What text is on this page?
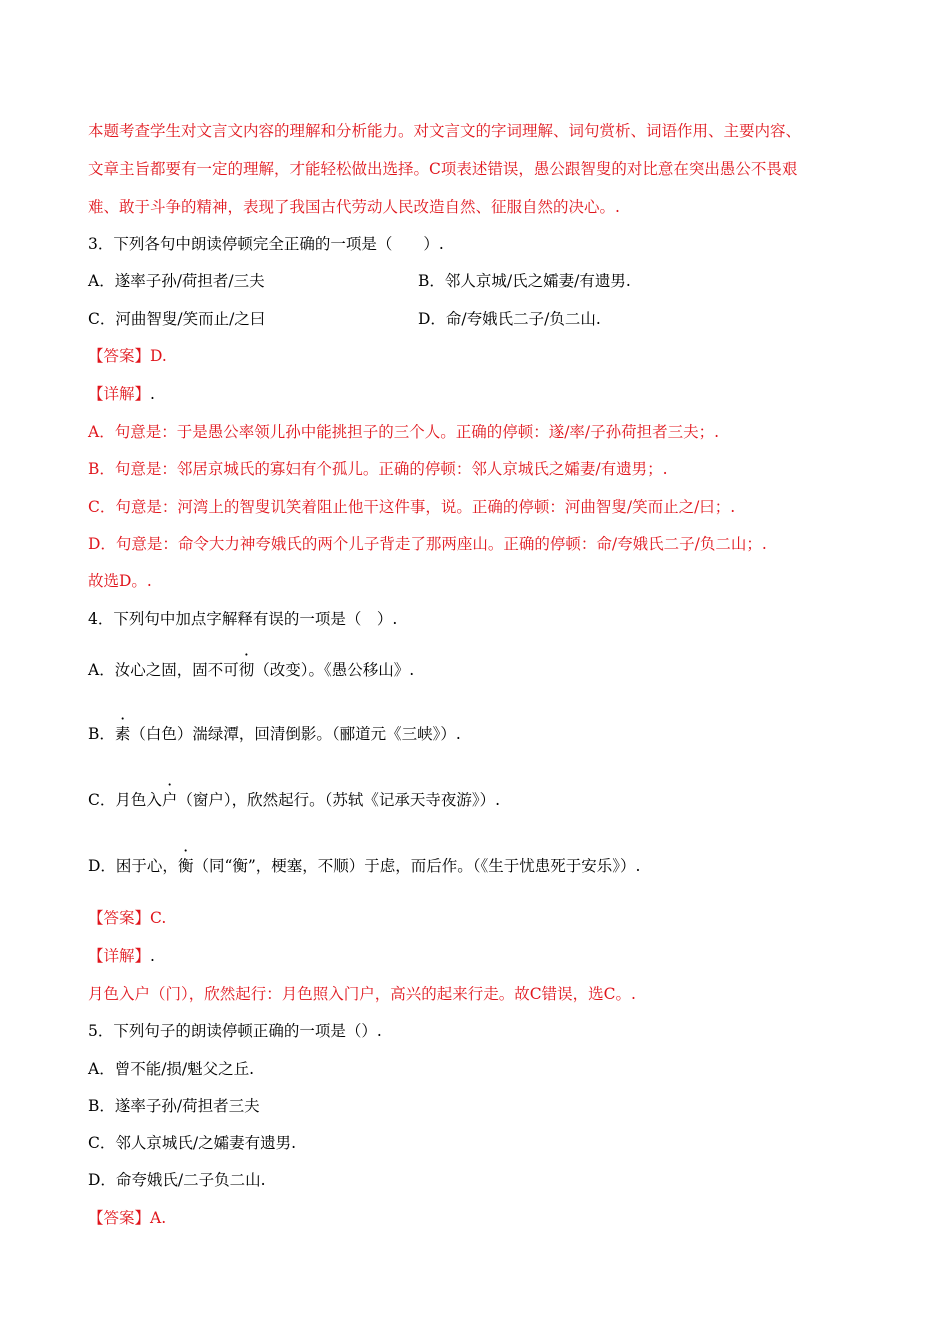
本题考查学生对文言文内容的理解和分析能力。对文言文的字词理解、词句赏析、词语作用、主要内容、
文章主旨都要有一定的理解，才能轻松做出选择。C项表述错误，愚公跟智叟的对比意在突出愚公不畏艰
难、敢于斗争的精神，表现了我国古代劳动人民改造自然、征服自然的决心。.
3．下列各句中朗读停顿完全正确的一项是（　　）.
A．遂率子孙/荷担者/三夫	B．邻人京城/氏之孀妻/有遗男.
C．河曲智叟/笑而止/之曰	D．命/夸娥氏二子/负二山.
【答案】D.
【详解】.
A．句意是：于是愚公率领儿孙中能挑担子的三个人。正确的停顿：遂/率/子孙荷担者三夫；.
B．句意是：邻居京城氏的寡妇有个孤儿。正确的停顿：邻人京城氏之孀妻/有遗男；.
C．句意是：河湾上的智叟讥笑着阻止他干这件事，说。正确的停顿：河曲智叟/笑而止之/曰；.
D．句意是：命令大力神夸娥氏的两个儿子背走了那两座山。正确的停顿：命/夸娥氏二子/负二山；.
故选D。.
4．下列句中加点字解释有误的一项是（　）.
A．汝心之固，固不可彻（改变）。《愚公移山》.
B．素（白色）湍绿潭，回清倒影。（郦道元《三峡》）.
C．月色入户（窗户），欣然起行。（苏轼《记承天寺夜游》）.
D．困于心，衡（同“衡”，梗塞，不顺）于虑，而后作。（《生于忧患死于安乐》）.
【答案】C.
【详解】.
月色入户（门），欣然起行：月色照入门户，高兴的起来行走。故C错误，选C。.
5．下列句子的朗读停顿正确的一项是（）.
A．曾不能/损/魁父之丘.
B．遂率子孙/荷担者三夫
C．邻人京城氏/之孀妻有遗男.
D．命夸娥氏/二子负二山.
【答案】A.
